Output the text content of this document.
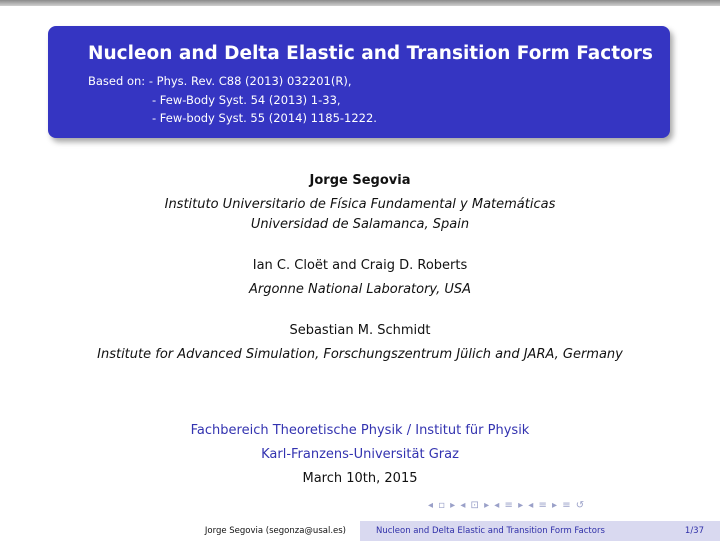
Nucleon and Delta Elastic and Transition Form Factors
Based on: - Phys. Rev. C88 (2013) 032201(R),
- Few-Body Syst. 54 (2013) 1-33,
- Few-body Syst. 55 (2014) 1185-1222.
Jorge Segovia
Instituto Universitario de Física Fundamental y Matemáticas
Universidad de Salamanca, Spain
Ian C. Cloët and Craig D. Roberts
Argonne National Laboratory, USA
Sebastian M. Schmidt
Institute for Advanced Simulation, Forschungszentrum Jülich and JARA, Germany
Fachbereich Theoretische Physik / Institut für Physik
Karl-Franzens-Universität Graz
March 10th, 2015
◂ ▫ ▸ ◂ ⊡ ▸ ◂ ≡ ▸ ◂ ≡ ▸ ≡ ↺
Jorge Segovia (segonza@usal.es)	Nucleon and Delta Elastic and Transition Form Factors	1/37
